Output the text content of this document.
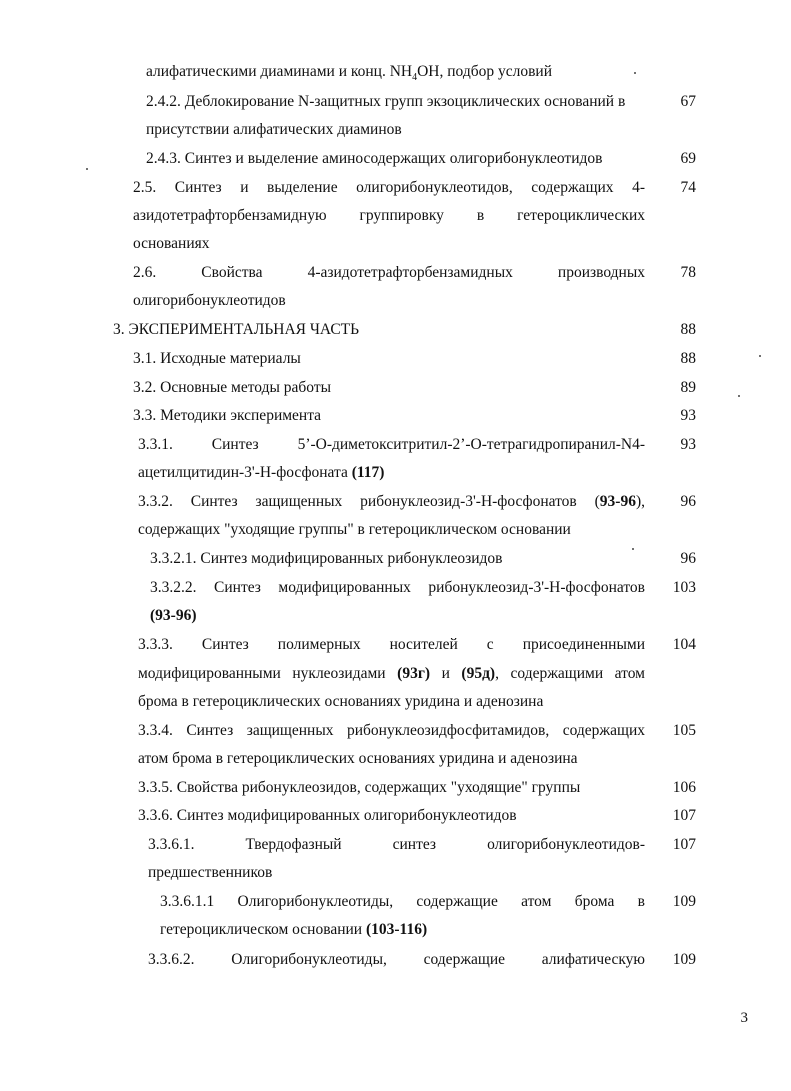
алифатическими диаминами и конц. $NH_4OH$, подбор условий
2.4.2. Деблокирование N-защитных групп экзоциклических оснований в	67
присутствии алифатических диаминов
2.4.3. Синтез и выделение аминосодержащих олигорибонуклеотидов	69
2.5. Синтез и выделение олигорибонуклеотидов, содержащих 4-	74
азидотетрафторбензамидную группировку в гетероциклических
основаниях
2.6. Свойства 4-азидотетрафторбензамидных производных	78
олигорибонуклеотидов
3. ЭКСПЕРИМЕНТАЛЬНАЯ ЧАСТЬ	88
3.1. Исходные материалы	88
3.2. Основные методы работы	89
3.3. Методики эксперимента	93
3.3.1. Синтез 5’-О-диметокситритил-2’-О-тетрагидропиранил-N4-	93
ацетилцитидин-3'-Н-фосфоната (117)
3.3.2. Синтез защищенных рибонуклеозид-3'-Н-фосфонатов (93-96),	96
содержащих "уходящие группы" в гетероциклическом основании
3.3.2.1. Синтез модифицированных рибонуклеозидов	96
3.3.2.2. Синтез модифицированных рибонуклеозид-3'-Н-фосфонатов	103
(93-96)
3.3.3. Синтез полимерных носителей с присоединенными	104
модифицированными нуклеозидами (93г) и (95д), содержащими атом
брома в гетероциклических основаниях уридина и аденозина
3.3.4. Синтез защищенных рибонуклеозидфосфитамидов, содержащих	105
атом брома в гетероциклических основаниях уридина и аденозина
3.3.5. Свойства рибонуклеозидов, содержащих "уходящие" группы	106
3.3.6. Синтез модифицированных олигорибонуклеотидов	107
3.3.6.1. Твердофазный синтез олигорибонуклеотидов-	107
предшественников
3.3.6.1.1 Олигорибонуклеотиды, содержащие атом брома в	109
гетероциклическом основании (103-116)
3.3.6.2. Олигорибонуклеотиды, содержащие алифатическую	109
3
